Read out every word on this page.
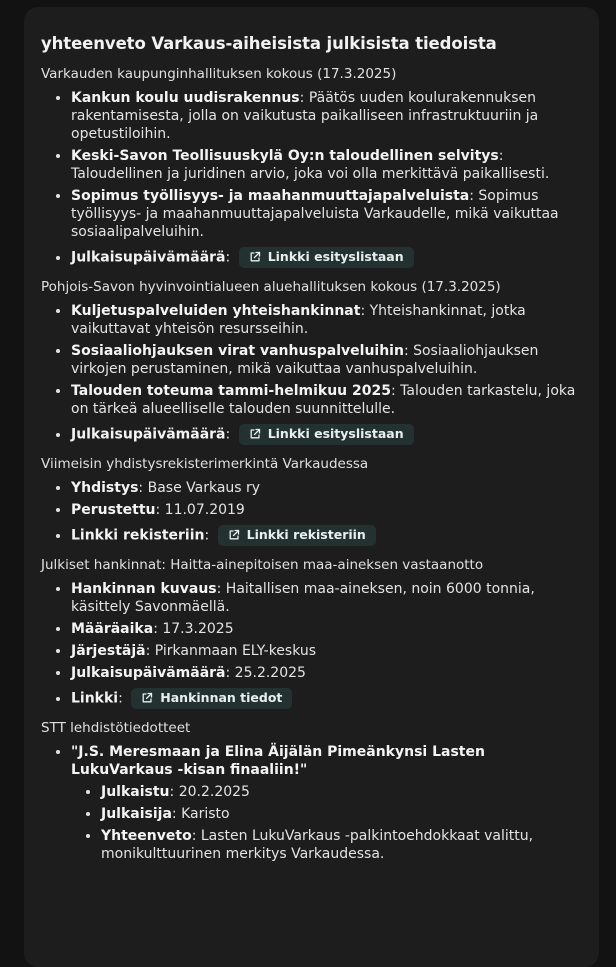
yhteenveto Varkaus-aiheisista julkisista tiedoista
Varkauden kaupunginhallituksen kokous (17.3.2025)
• Kankun koulu uudisrakennus: Päätös uuden koulurakennuksen rakentamisesta, jolla on vaikutusta paikalliseen infrastruktuuriin ja opetustiloihin.
• Keski-Savon Teollisuuskylä Oy:n taloudellinen selvitys: Taloudellinen ja juridinen arvio, joka voi olla merkittävä paikallisesti.
• Sopimus työllisyys- ja maahanmuuttajapalveluista: Sopimus työllisyys- ja maahanmuuttajapalveluista Varkaudelle, mikä vaikuttaa sosiaalipalveluihin.
• Julkaisupäivämäärä:	Linkki esityslistaan
Pohjois-Savon hyvinvointialueen aluehallituksen kokous (17.3.2025)
• Kuljetuspalveluiden yhteishankinnat: Yhteishankinnat, jotka vaikuttavat yhteisön resursseihin.
• Sosiaaliohjauksen virat vanhuspalveluihin: Sosiaaliohjauksen virkojen perustaminen, mikä vaikuttaa vanhuspalveluihin.
• Talouden toteuma tammi-helmikuu 2025: Talouden tarkastelu, joka on tärkeä alueelliselle talouden suunnittelulle.
• Julkaisupäivämäärä:	Linkki esityslistaan
Viimeisin yhdistysrekisterimerkintä Varkaudessa
• Yhdistys: Base Varkaus ry
• Perustettu: 11.07.2019
• Linkki rekisteriin:	Linkki rekisteriin
Julkiset hankinnat: Haitta-ainepitoisen maa-aineksen vastaanotto
• Hankinnan kuvaus: Haitallisen maa-aineksen, noin 6000 tonnia, käsittely Savonmäellä.
• Määräaika: 17.3.2025
• Järjestäjä: Pirkanmaan ELY-keskus
• Julkaisupäivämäärä: 25.2.2025
• Linkki:	Hankinnan tiedot
STT lehdistötiedotteet
• "J.S. Meresmaan ja Elina Äijälän Pimeänkynsi Lasten LukuVarkaus -kisan finaaliin!"
• Julkaistu: 20.2.2025
• Julkaisija: Karisto
• Yhteenveto: Lasten LukuVarkaus -palkintoehdokkaat valittu, monikulttuurinen merkitys Varkaudessa.
